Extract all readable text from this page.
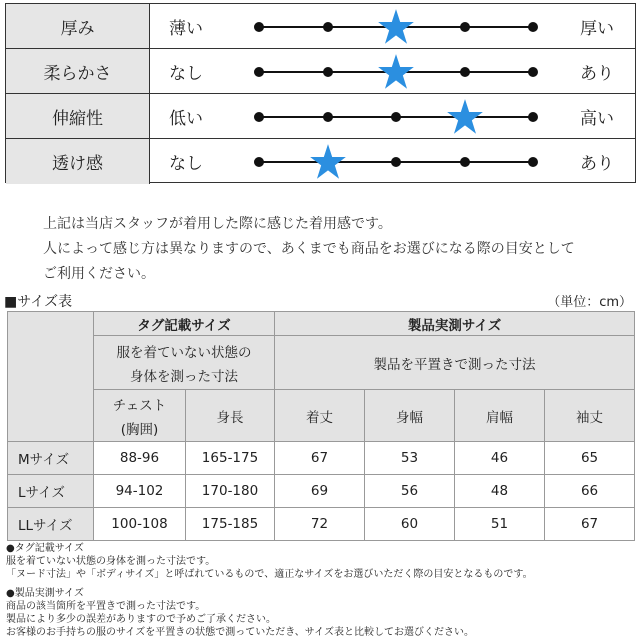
厚み	薄い	厚い
柔らかさ	なし	あり
伸縮性	低い	高い
透け感	なし	あり
上記は当店スタッフが着用した際に感じた着用感です。
人によって感じ方は異なりますので、あくまでも商品をお選びになる際の目安として
ご利用ください。
■サイズ表	（単位：cm）
	タグ記載サイズ		製品実測サイズ			

	服を着ていない状態の
身体を測った寸法		製品を平置きで測った寸法			

	チェスト
(胸囲)	身長	着丈	身幅	肩幅	袖丈
Mサイズ	88-96	165-175	67	53	46	65
Lサイズ	94-102	170-180	69	56	48	66
LLサイズ	100-108	175-185	72	60	51	67
●タグ記載サイズ
服を着ていない状態の身体を測った寸法です。
「ヌード寸法」や「ボディサイズ」と呼ばれているもので、適正なサイズをお選びいただく際の目安となるものです。
●製品実測サイズ
商品の該当箇所を平置きで測った寸法です。
製品により多少の誤差がありますので予めご了承ください。
お客様のお手持ちの服のサイズを平置きの状態で測っていただき、サイズ表と比較してお選びください。
